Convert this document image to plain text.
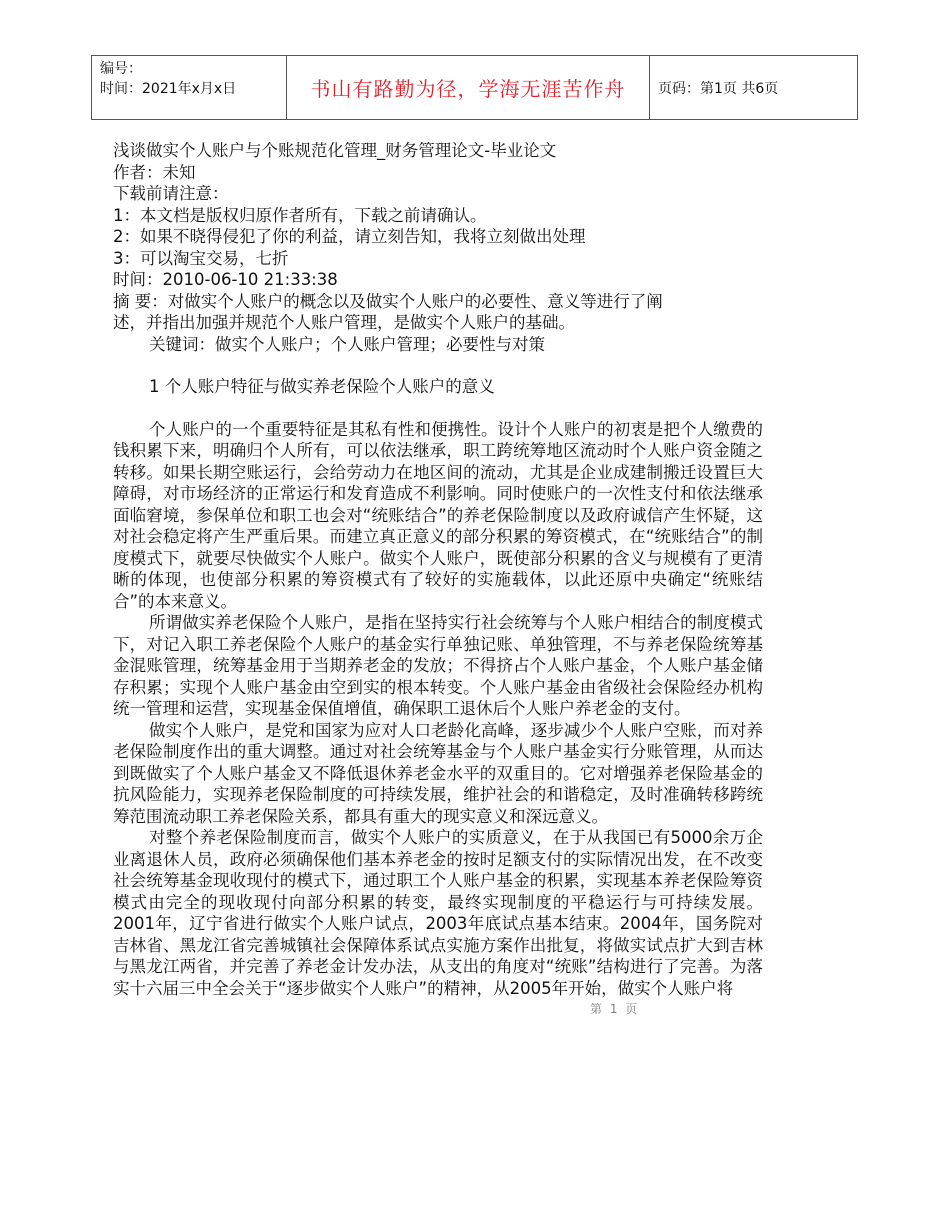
编号：
时间：2021年x月x日	书山有路勤为径，学海无涯苦作舟	页码：第1页 共6页
浅谈做实个人账户与个账规范化管理_财务管理论文-毕业论文
作者：未知
下载前请注意：
1：本文档是版权归原作者所有，下载之前请确认。
2：如果不晓得侵犯了你的利益，请立刻告知，我将立刻做出处理
3：可以淘宝交易，七折
时间：2010-06-10 21:33:38
摘 要：对做实个人账户的概念以及做实个人账户的必要性、意义等进行了阐
述，并指出加强并规范个人账户管理，是做实个人账户的基础。
关键词：做实个人账户；个人账户管理；必要性与对策
1 个人账户特征与做实养老保险个人账户的意义

个人账户的一个重要特征是其私有性和便携性。设计个人账户的初衷是把个人缴费的钱积累下来，明确归个人所有，可以依法继承，职工跨统筹地区流动时个人账户资金随之转移。如果长期空账运行，会给劳动力在地区间的流动，尤其是企业成建制搬迁设置巨大障碍，对市场经济的正常运行和发育造成不利影响。同时使账户的一次性支付和依法继承面临窘境，参保单位和职工也会对“统账结合”的养老保险制度以及政府诚信产生怀疑，这对社会稳定将产生严重后果。而建立真正意义的部分积累的筹资模式，在“统账结合”的制度模式下，就要尽快做实个人账户。做实个人账户，既使部分积累的含义与规模有了更清晰的体现，也使部分积累的筹资模式有了较好的实施载体，以此还原中央确定“统账结合”的本来意义。

所谓做实养老保险个人账户，是指在坚持实行社会统筹与个人账户相结合的制度模式下，对记入职工养老保险个人账户的基金实行单独记账、单独管理，不与养老保险统筹基金混账管理，统筹基金用于当期养老金的发放；不得挤占个人账户基金，个人账户基金储存积累；实现个人账户基金由空到实的根本转变。个人账户基金由省级社会保险经办机构统一管理和运营，实现基金保值增值，确保职工退休后个人账户养老金的支付。

做实个人账户，是党和国家为应对人口老龄化高峰，逐步减少个人账户空账，而对养老保险制度作出的重大调整。通过对社会统筹基金与个人账户基金实行分账管理，从而达到既做实了个人账户基金又不降低退休养老金水平的双重目的。它对增强养老保险基金的抗风险能力，实现养老保险制度的可持续发展，维护社会的和谐稳定，及时准确转移跨统筹范围流动职工养老保险关系，都具有重大的现实意义和深远意义。

对整个养老保险制度而言，做实个人账户的实质意义，在于从我国已有5000余万企业离退休人员，政府必须确保他们基本养老金的按时足额支付的实际情况出发，在不改变社会统筹基金现收现付的模式下，通过职工个人账户基金的积累，实现基本养老保险筹资模式由完全的现收现付向部分积累的转变，最终实现制度的平稳运行与可持续发展。2001年，辽宁省进行做实个人账户试点，2003年底试点基本结束。2004年，国务院对吉林省、黑龙江省完善城镇社会保障体系试点实施方案作出批复，将做实试点扩大到吉林与黑龙江两省，并完善了养老金计发办法，从支出的角度对“统账”结构进行了完善。为落实十六届三中全会关于“逐步做实个人账户”的精神，从2005年开始，做实个人账户将

第 1 页
